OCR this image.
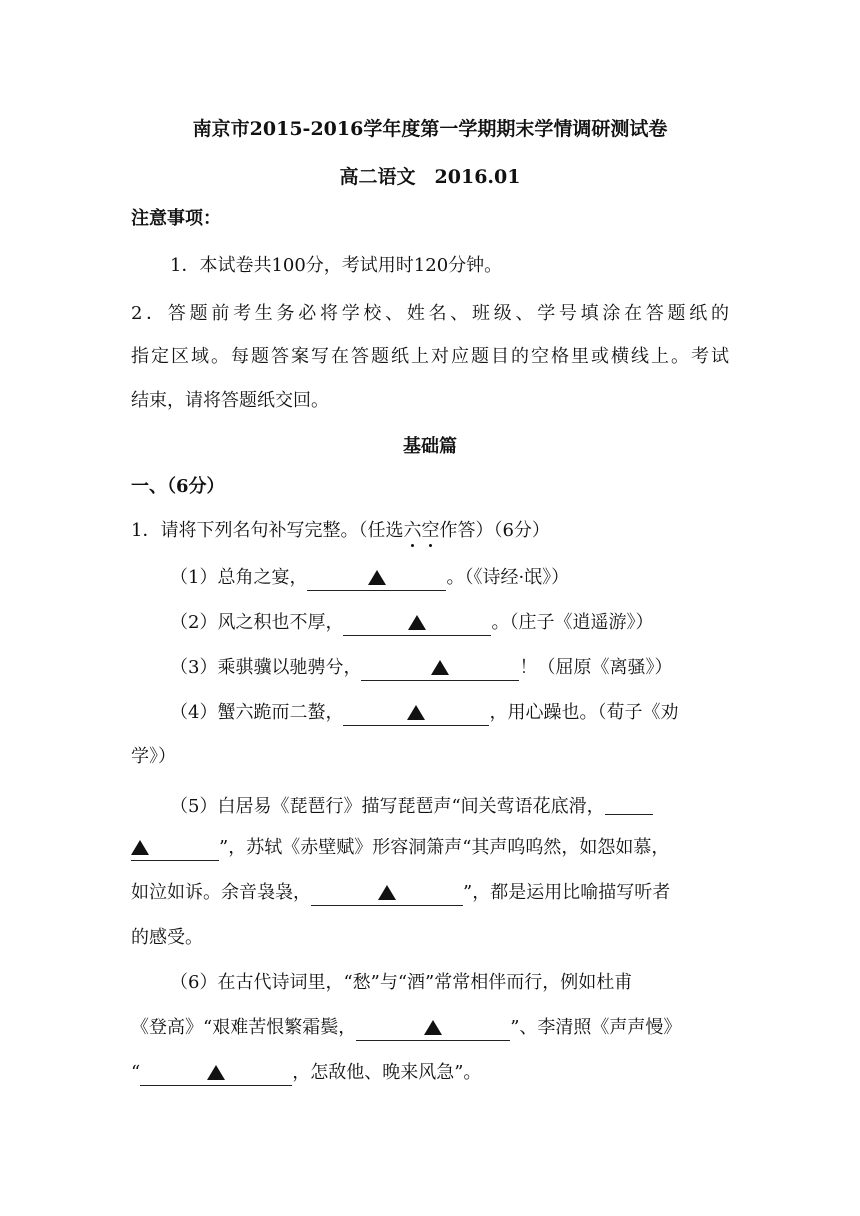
南京市2015-2016学年度第一学期期末学情调研测试卷
高二语文　2016.01
注意事项：
1．本试卷共100分，考试用时120分钟。
2．答题前考生务必将学校、姓名、班级、学号填涂在答题纸的
指定区域。每题答案写在答题纸上对应题目的空格里或横线上。考试
结束，请将答题纸交回。
基础篇
一、（6分）
1．请将下列名句补写完整。（任选六空作答）（6分）
（1）总角之宴，	。（《诗经·氓》）
（2）风之积也不厚，	。（庄子《逍遥游》）
（3）乘骐骥以驰骋兮，	！（屈原《离骚》）
（4）蟹六跪而二螯，	，用心躁也。（荀子《劝
学》）
（5）白居易《琵琶行》描写琵琶声“间关莺语花底滑，
”，苏轼《赤壁赋》形容洞箫声“其声呜呜然，如怨如慕，
如泣如诉。余音袅袅，	”，都是运用比喻描写听者
的感受。
（6）在古代诗词里，“愁”与“酒”常常相伴而行，例如杜甫
《登高》“艰难苦恨繁霜鬓，	”、李清照《声声慢》
“	，怎敌他、晚来风急”。
